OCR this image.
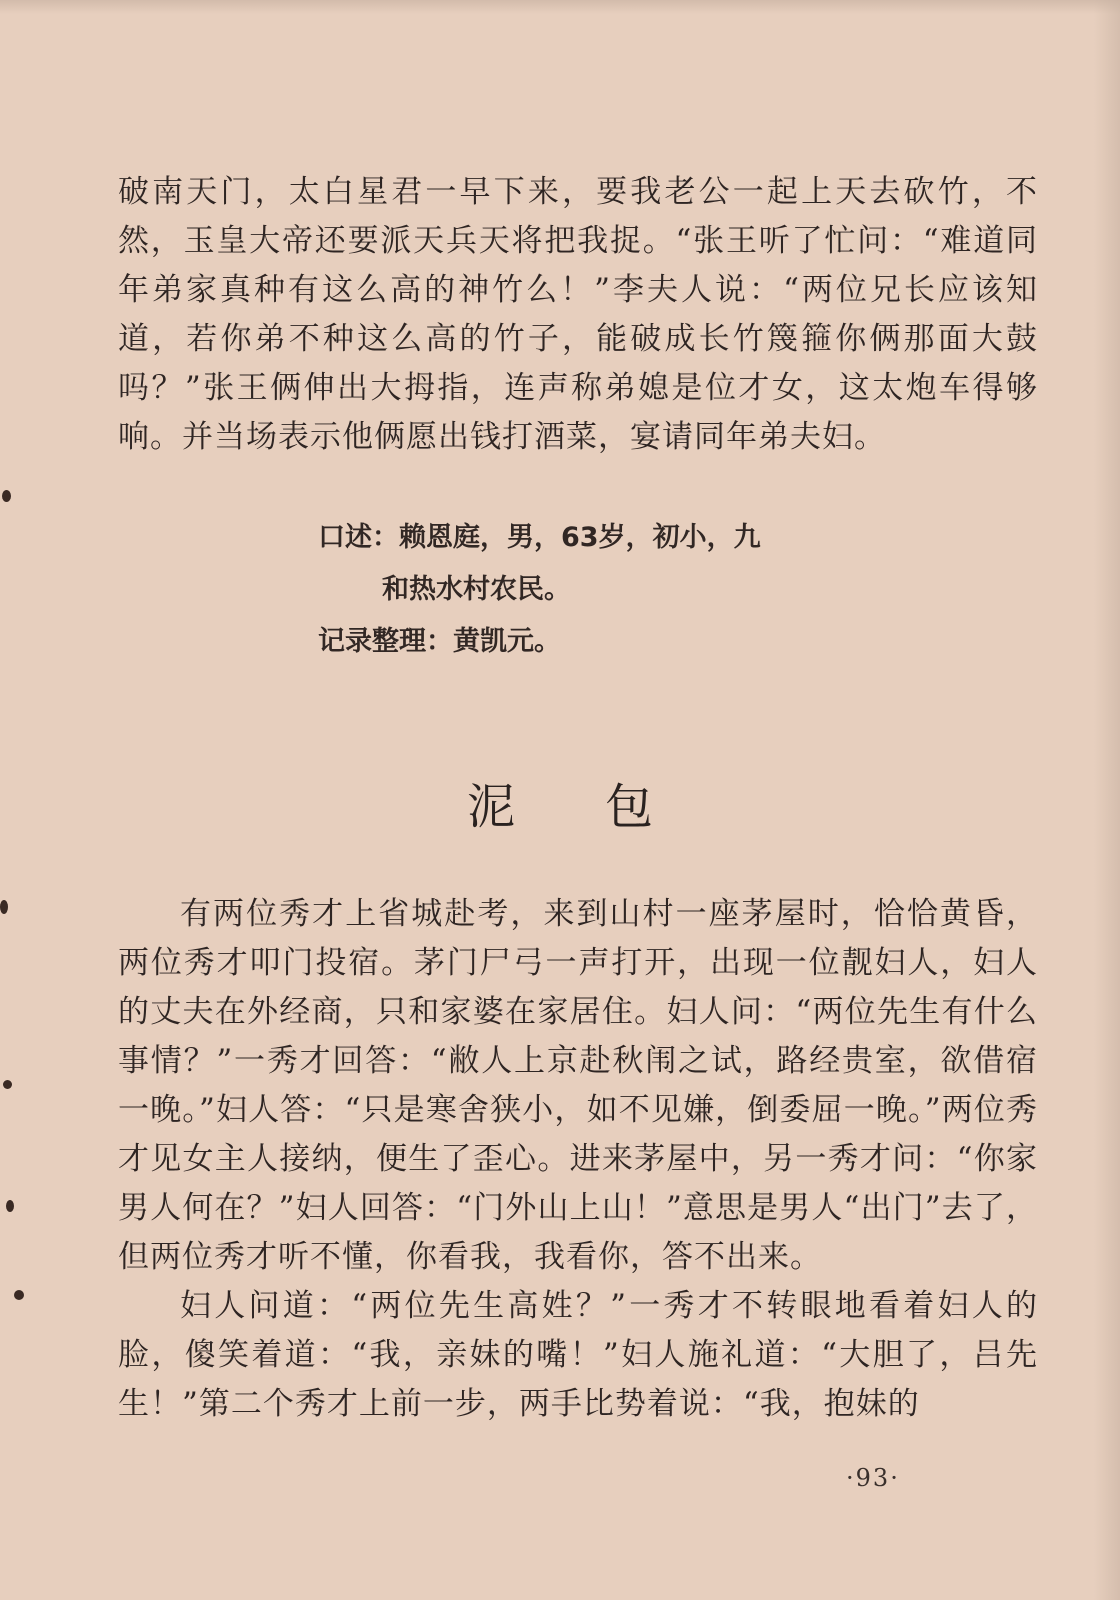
破南天门，太白星君一早下来，要我老公一起上天去砍竹，不然，玉皇大帝还要派天兵天将把我捉。“张王听了忙问：“难道同年弟家真种有这么高的神竹么！”李夫人说：“两位兄长应该知道，若你弟不种这么高的竹子，能破成长竹篾箍你俩那面大鼓吗？”张王俩伸出大拇指，连声称弟媳是位才女，这太炮车得够响。并当场表示他俩愿出钱打酒菜，宴请同年弟夫妇。

口述：赖恩庭，男，63岁，初小，九
和热水村农民。
记录整理：黄凯元。
泥包

有两位秀才上省城赴考，来到山村一座茅屋时，恰恰黄昏，两位秀才叩门投宿。茅门尸弓一声打开，出现一位靓妇人，妇人的丈夫在外经商，只和家婆在家居住。妇人问：“两位先生有什么事情？”一秀才回答：“敝人上京赴秋闱之试，路经贵室，欲借宿一晚。”妇人答：“只是寒舍狭小，如不见嫌，倒委屈一晚。”两位秀才见女主人接纳，便生了歪心。进来茅屋中，另一秀才问：“你家男人何在？”妇人回答：“门外山上山！”意思是男人“出门”去了，但两位秀才听不懂，你看我，我看你，答不出来。

妇人问道：“两位先生高姓？”一秀才不转眼地看着妇人的脸，傻笑着道：“我，亲妹的嘴！”妇人施礼道：“大胆了，吕先生！”第二个秀才上前一步，两手比势着说：“我，抱妹的

·93·
